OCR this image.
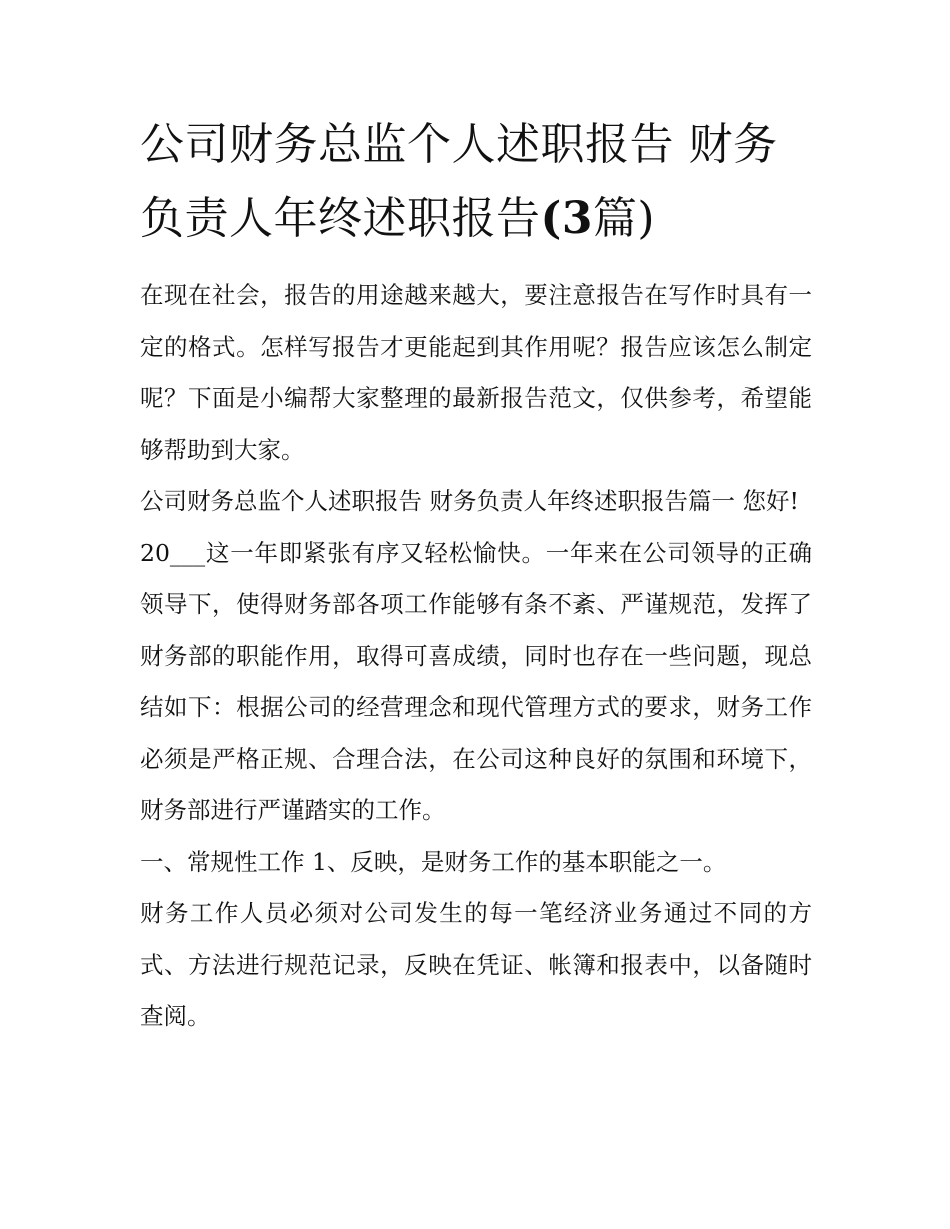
公司财务总监个人述职报告 财务负责人年终述职报告(3篇)

在现在社会，报告的用途越来越大，要注意报告在写作时具有一定的格式。怎样写报告才更能起到其作用呢？报告应该怎么制定呢？下面是小编帮大家整理的最新报告范文，仅供参考，希望能够帮助到大家。

公司财务总监个人述职报告 财务负责人年终述职报告篇一 您好!

20___这一年即紧张有序又轻松愉快。一年来在公司领导的正确领导下，使得财务部各项工作能够有条不紊、严谨规范，发挥了财务部的职能作用，取得可喜成绩，同时也存在一些问题，现总结如下：根据公司的经营理念和现代管理方式的要求，财务工作必须是严格正规、合理合法，在公司这种良好的氛围和环境下，财务部进行严谨踏实的工作。

一、常规性工作 1、反映，是财务工作的基本职能之一。

财务工作人员必须对公司发生的每一笔经济业务通过不同的方式、方法进行规范记录，反映在凭证、帐簿和报表中，以备随时查阅。
